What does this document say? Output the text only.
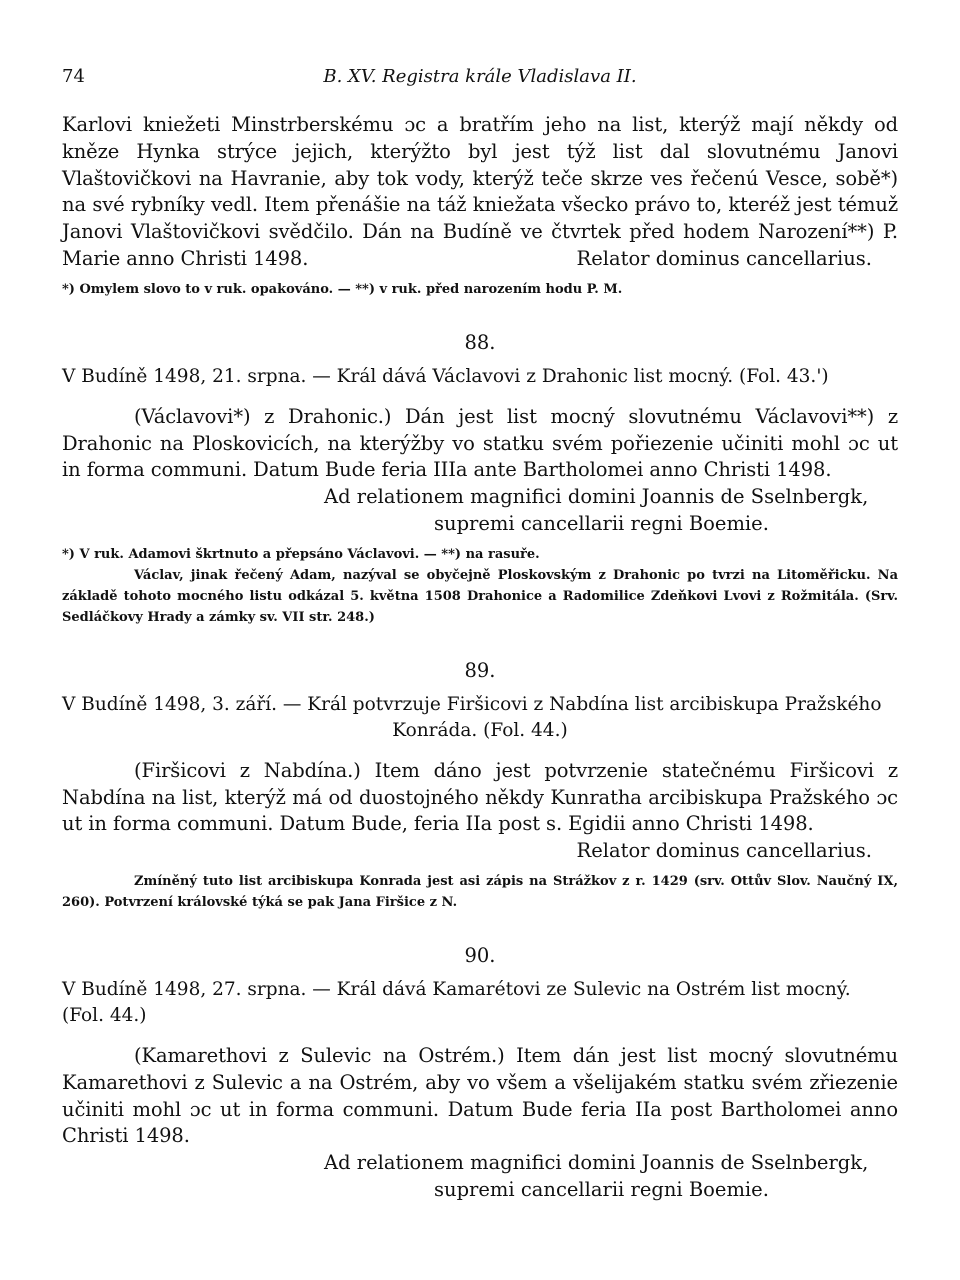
74	B. XV. Registra krále Vladislava II.

Karlovi kniežeti Minstrberskému ɔc a bratřím jeho na list, kterýž mají někdy od kněze Hynka strýce jejich, kterýžto byl jest týž list dal slovutnému Janovi Vlaštovičkovi na Havranie, aby tok vody, kterýž teče skrze ves řečenú Vesce, sobě*) na své rybníky vedl. Item přenášie na táž kniežata všecko právo to, kteréž jest témuž Janovi Vlaštovičkovi svědčilo. Dán na Budíně ve čtvrtek před hodem Narození**) P. Marie anno Christi 1498.	Relator dominus cancellarius.

*) Omylem slovo to v ruk. opakováno. — **) v ruk. před narozením hodu P. M.

88.

V Budíně 1498, 21. srpna. — Král dává Václavovi z Drahonic list mocný. (Fol. 43.')

(Václavovi*) z Drahonic.) Dán jest list mocný slovutnému Václavovi**) z Drahonic na Ploskovicích, na kterýžby vo statku svém pořiezenie učiniti mohl ɔc ut in forma communi. Datum Bude feria IIIa ante Bartholomei anno Christi 1498.

Ad relationem magnifici domini Joannis de Sselnbergk,
supremi cancellarii regni Boemie.

*) V ruk. Adamovi škrtnuto a přepsáno Václavovi. — **) na rasuře.

Václav, jinak řečený Adam, nazýval se obyčejně Ploskovským z Drahonic po tvrzi na Litoměřicku. Na základě tohoto mocného listu odkázal 5. května 1508 Drahonice a Radomilice Zdeňkovi Lvovi z Rožmitála. (Srv. Sedláčkovy Hrady a zámky sv. VII str. 248.)

89.

V Budíně 1498, 3. září. — Král potvrzuje Firšicovi z Nabdína list arcibiskupa Pražského
Konráda. (Fol. 44.)

(Firšicovi z Nabdína.) Item dáno jest potvrzenie statečnému Firšicovi z Nabdína na list, kterýž má od duostojného někdy Kunratha arcibiskupa Pražského ɔc ut in forma communi. Datum Bude, feria IIa post s. Egidii anno Christi 1498.

Relator dominus cancellarius.

Zmíněný tuto list arcibiskupa Konrada jest asi zápis na Strážkov z r. 1429 (srv. Ottův Slov. Naučný IX, 260). Potvrzení královské týká se pak Jana Firšice z N.

90.

V Budíně 1498, 27. srpna. — Král dává Kamarétovi ze Sulevic na Ostrém list mocný. (Fol. 44.)

(Kamarethovi z Sulevic na Ostrém.) Item dán jest list mocný slovutnému Kamarethovi z Sulevic a na Ostrém, aby vo všem a všelijakém statku svém zřiezenie učiniti mohl ɔc ut in forma communi. Datum Bude feria IIa post Bartholomei anno Christi 1498.

Ad relationem magnifici domini Joannis de Sselnbergk,
supremi cancellarii regni Boemie.
